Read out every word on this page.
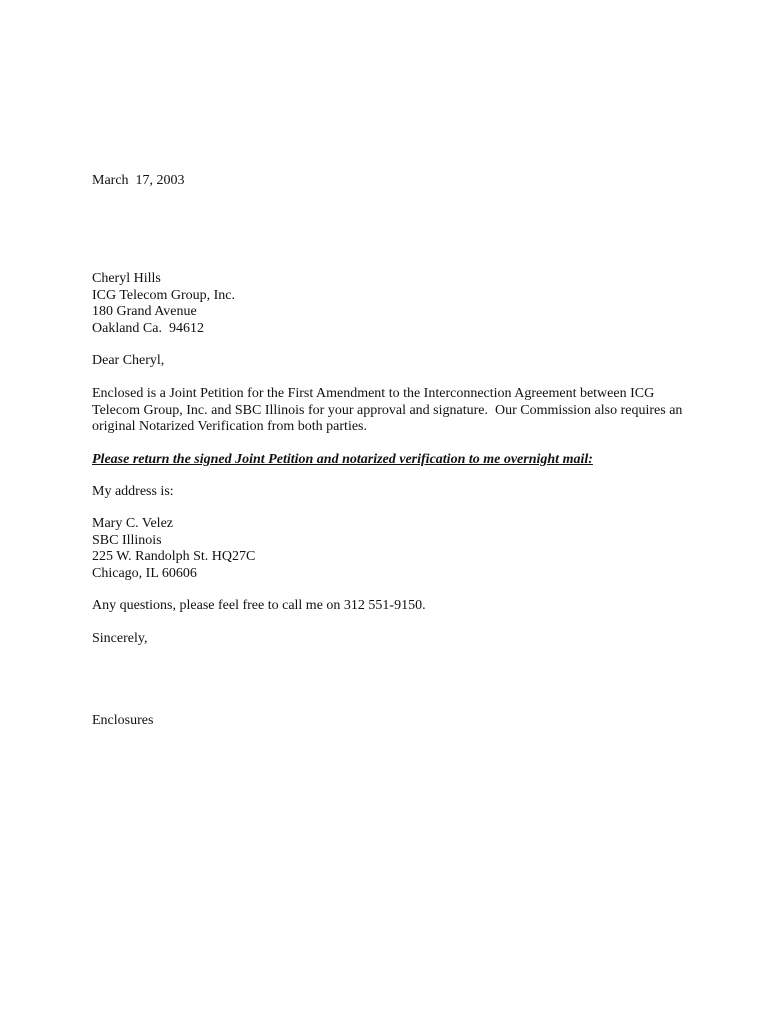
March  17, 2003
Cheryl Hills
ICG Telecom Group, Inc.
180 Grand Avenue
Oakland Ca.  94612
Dear Cheryl,
Enclosed is a Joint Petition for the First Amendment to the Interconnection Agreement between ICG
Telecom Group, Inc. and SBC Illinois for your approval and signature.  Our Commission also requires an
original Notarized Verification from both parties.
Please return the signed Joint Petition and notarized verification to me overnight mail:
My address is:
Mary C. Velez
SBC Illinois
225 W. Randolph St. HQ27C
Chicago, IL 60606
Any questions, please feel free to call me on 312 551-9150.
Sincerely,
Enclosures
